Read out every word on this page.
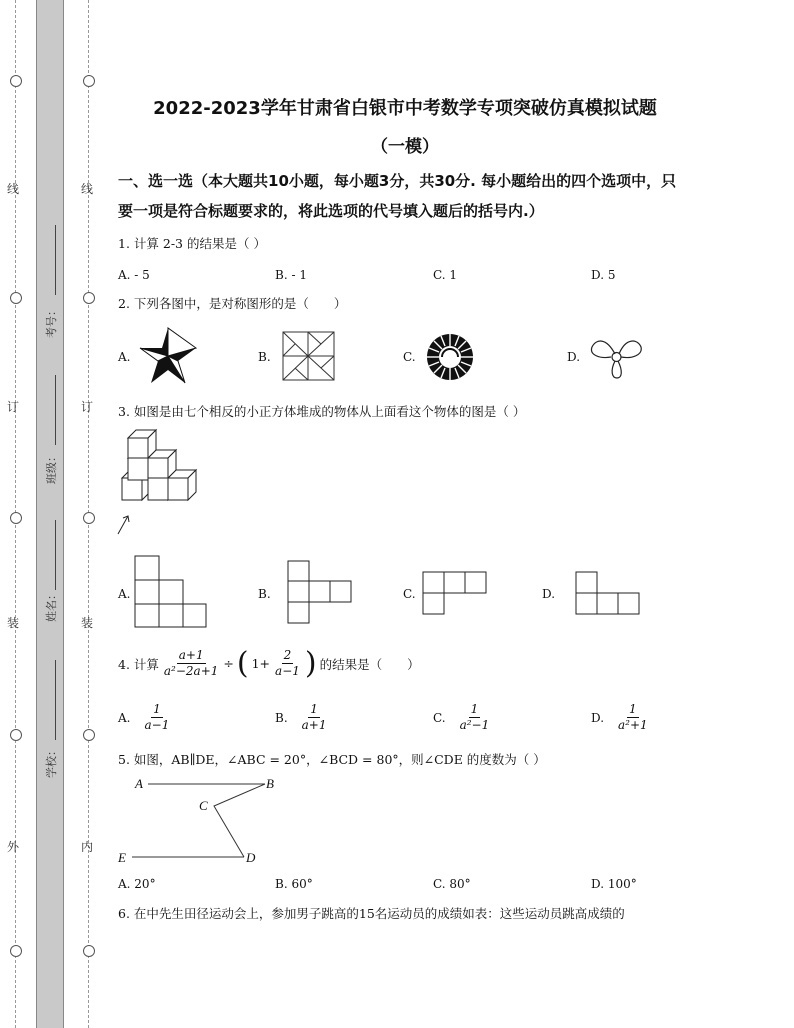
线
订
装
外
线
订
装
内
考号：
班级：
姓名：
学校：
2022-2023学年甘肃省白银市中考数学专项突破仿真模拟试题
（一模）
一、选一选（本大题共10小题，每小题3分，共30分. 每小题给出的四个选项中，只要一项是符合标题要求的，将此选项的代号填入题后的括号内.）
1. 计算 2-3 的结果是（ ）
A. - 5	B. - 1	C. 1	D. 5
2. 下列各图中，是对称图形的是（　　）
A.	B.	C.	D.
3. 如图是由七个相反的小正方体堆成的物体从上面看这个物体的图是（ ）
A.	B.	C.	D.
4. 计算 $\frac{a+1}{\text{a²−2a+1}}$ ÷ ( $1+ \frac{2}{a-1}$ ) 的结果是（　　）
A. $\frac{1}{a-1}$	B. $\frac{1}{a+1}$	C. $\frac{1}{\text{a²−1}}$	D. $\frac{1}{\text{a²+1}}$
5. 如图，AB∥DE，∠ABC = 20°，∠BCD = 80°，则∠CDE 的度数为（ ）
A	B
C
D
E
A. 20°	B. 60°	C. 80°	D. 100°
6. 在中先生田径运动会上，参加男子跳高的15名运动员的成绩如表：这些运动员跳高成绩的
